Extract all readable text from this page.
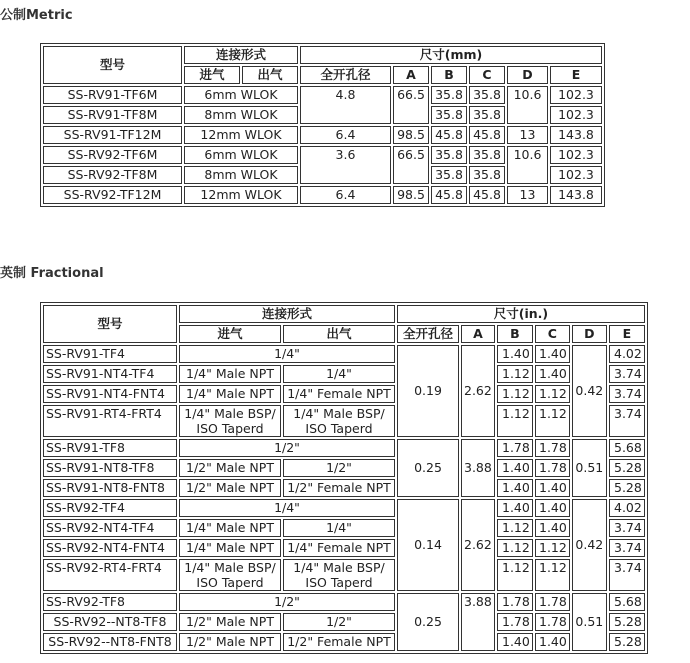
公制Metric
型号	连接形式		尺寸(mm)					
	进气	出气	全开孔径	A	B	C	D	E
SS-RV91-TF6M	6mm WLOK		4.8	66.5	35.8	35.8	10.6	102.3
SS-RV91-TF8M	8mm WLOK				35.8	35.8		102.3
SS-RV91-TF12M	12mm WLOK		6.4	98.5	45.8	45.8	13	143.8
SS-RV92-TF6M	6mm WLOK		3.6	66.5	35.8	35.8	10.6	102.3
SS-RV92-TF8M	8mm WLOK				35.8	35.8		102.3
SS-RV92-TF12M	12mm WLOK		6.4	98.5	45.8	45.8	13	143.8
英制 Fractional
型号	连接形式		尺寸(in.)					
	进气	出气	全开孔径	A	B	C	D	E
SS-RV91-TF4	1/4"		0.19	2.62	1.40	1.40	0.42	4.02
SS-RV91-NT4-TF4	1/4" Male NPT	1/4"			1.12	1.40		3.74
SS-RV91-NT4-FNT4	1/4" Male NPT	1/4" Female NPT			1.12	1.12		3.74
SS-RV91-RT4-FRT4	1/4" Male BSP/ ISO Taperd	1/4" Male BSP/ ISO Taperd			1.12	1.12		3.74
SS-RV91-TF8	1/2"		0.25	3.88	1.78	1.78	0.51	5.68
SS-RV91-NT8-TF8	1/2" Male NPT	1/2"			1.40	1.78		5.28
SS-RV91-NT8-FNT8	1/2" Male NPT	1/2" Female NPT			1.40	1.40		5.28
SS-RV92-TF4	1/4"		0.14	2.62	1.40	1.40	0.42	4.02
SS-RV92-NT4-TF4	1/4" Male NPT	1/4"			1.12	1.40		3.74
SS-RV92-NT4-FNT4	1/4" Male NPT	1/4" Female NPT			1.12	1.12		3.74
SS-RV92-RT4-FRT4	1/4" Male BSP/ ISO Taperd	1/4" Male BSP/ ISO Taperd			1.12	1.12		3.74
SS-RV92-TF8	1/2"		0.25	3.88	1.78	1.78	0.51	5.68
SS-RV92--NT8-TF8	1/2" Male NPT	1/2"			1.78	1.78		5.28
SS-RV92--NT8-FNT8	1/2" Male NPT	1/2" Female NPT			1.40	1.40		5.28
